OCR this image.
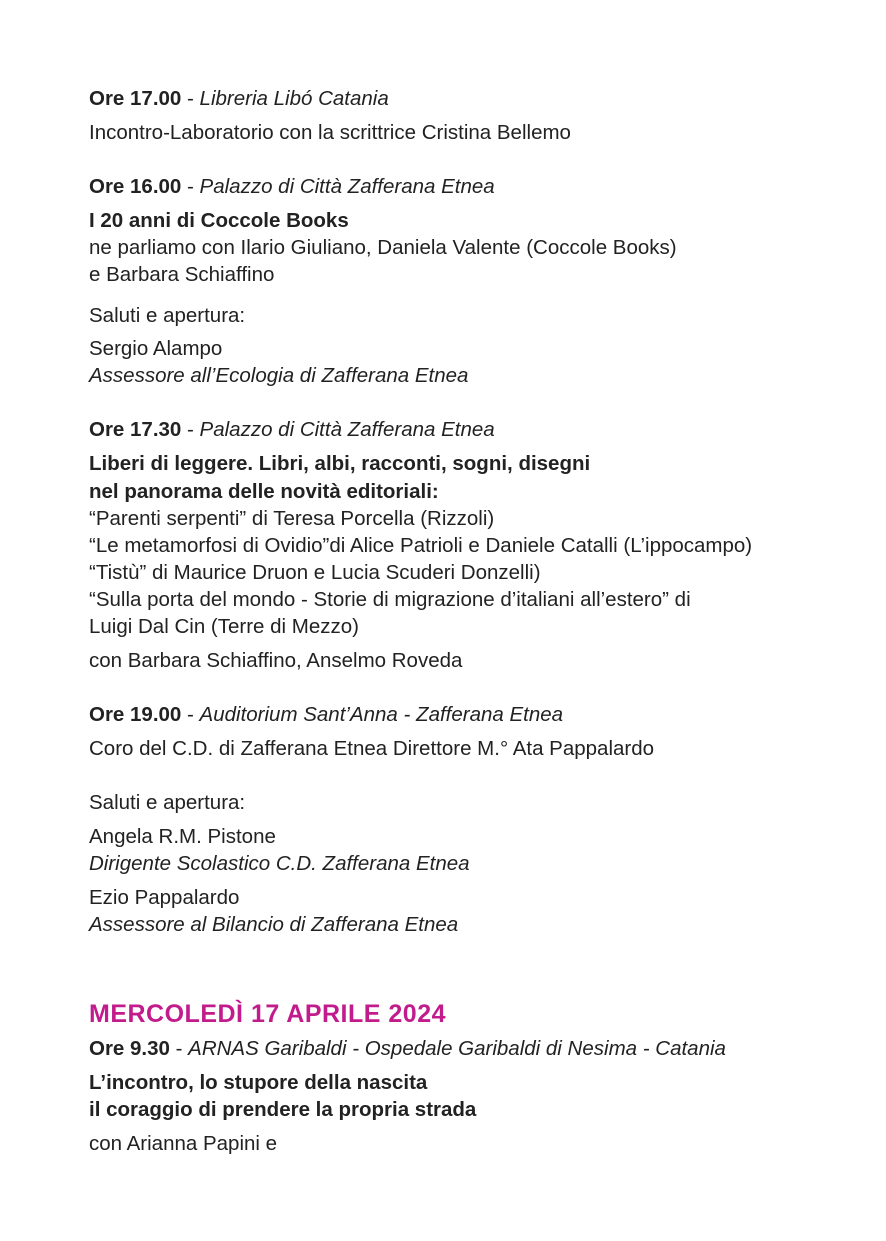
Ore 17.00 - Libreria Libó Catania

Incontro-Laboratorio con la scrittrice Cristina Bellemo

Ore 16.00 - Palazzo di Città Zafferana Etnea

I 20 anni di Coccole Books

ne parliamo con Ilario Giuliano, Daniela Valente (Coccole Books)

e Barbara Schiaffino

Saluti e apertura:

Sergio Alampo

Assessore all’Ecologia di Zafferana Etnea

Ore 17.30 - Palazzo di Città Zafferana Etnea

Liberi di leggere. Libri, albi, racconti, sogni, disegni

nel panorama delle novità editoriali:

“Parenti serpenti” di Teresa Porcella (Rizzoli)

“Le metamorfosi di Ovidio”di Alice Patrioli e Daniele Catalli (L’ippocampo)

“Tistù” di Maurice Druon e Lucia Scuderi Donzelli)

“Sulla porta del mondo - Storie di migrazione d’italiani all’estero” di

Luigi Dal Cin (Terre di Mezzo)

con Barbara Schiaffino, Anselmo Roveda

Ore 19.00 - Auditorium Sant’Anna - Zafferana Etnea

Coro del C.D. di Zafferana Etnea Direttore M.° Ata Pappalardo

Saluti e apertura:

Angela R.M. Pistone

Dirigente Scolastico C.D. Zafferana Etnea

Ezio Pappalardo

Assessore al Bilancio di Zafferana Etnea

MERCOLEDÌ 17 APRILE 2024

Ore 9.30 - ARNAS Garibaldi - Ospedale Garibaldi di Nesima - Catania

L’incontro, lo stupore della nascita

il coraggio di prendere la propria strada

con Arianna Papini e
